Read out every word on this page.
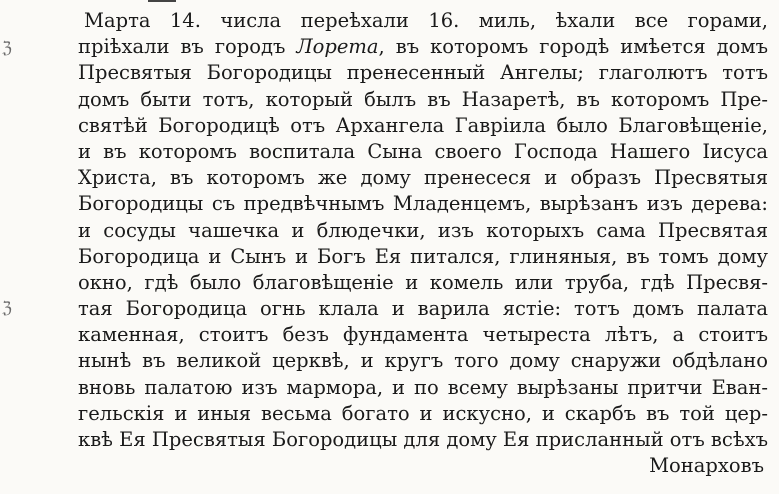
ℨ
ℨ
Марта 14. числа переѣхали 16. миль, ѣхали все горами,
пріѣхали въ городъ Лорета, въ которомъ городѣ имѣется домъ
Пресвятыя Богородицы пренесенный Ангелы; глаголютъ тотъ
домъ быти тотъ, который былъ въ Назаретѣ, въ которомъ Пре-
святѣй Богородицѣ отъ Архангела Гавріила было Благовѣщеніе,
и въ которомъ воспитала Сына своего Господа Нашего Іисуса
Христа, въ которомъ же дому пренесеся и образъ Пресвятыя
Богородицы съ предвѣчнымъ Младенцемъ, вырѣзанъ изъ дерева:
и сосуды чашечка и блюдечки, изъ которыхъ сама Пресвятая
Богородица и Сынъ и Богъ Ея питался, глиняныя, въ томъ дому
окно, гдѣ было благовѣщеніе и комель или труба, гдѣ Пресвя-
тая Богородица огнь клала и варила ястіе: тотъ домъ палата
каменная, стоитъ безъ фундамента четыреста лѣтъ, а стоитъ
нынѣ въ великой церквѣ, и кругъ того дому снаружи обдѣлано
вновь палатою изъ мармора, и по всему вырѣзаны притчи Еван-
гельскія и иныя весьма богато и искусно, и скарбъ въ той цер-
квѣ Ея Пресвятыя Богородицы для дому Ея присланный отъ всѣхъ
Монарховъ
